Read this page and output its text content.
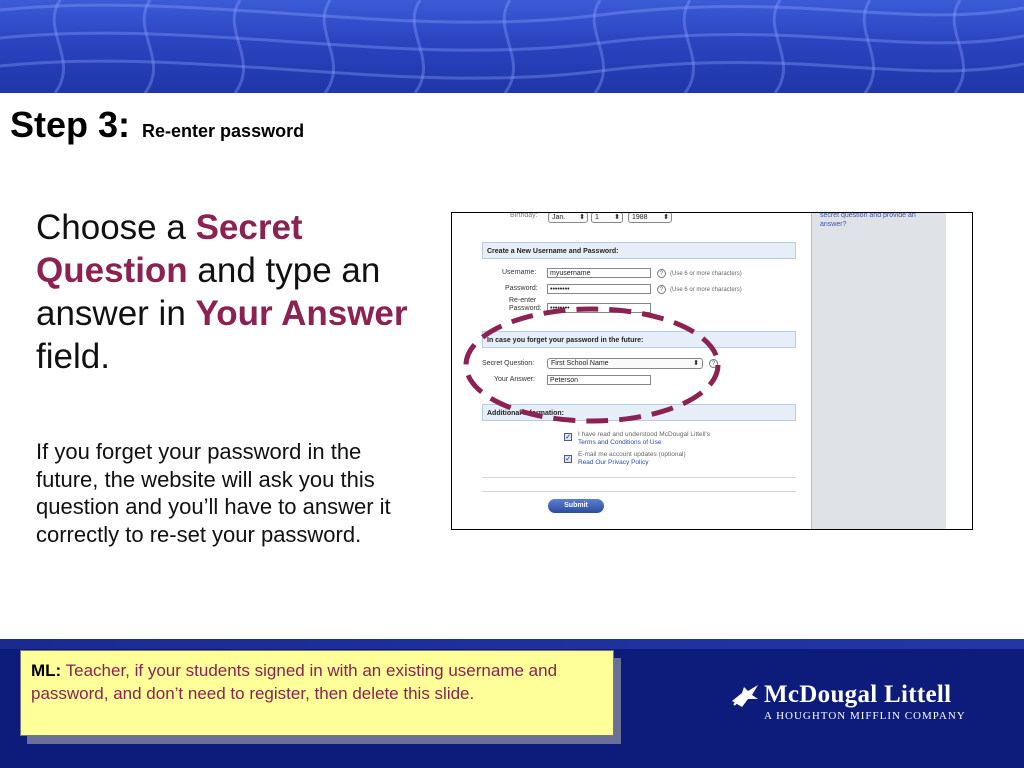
Step 3: Re-enter password
Choose a Secret Question and type an answer in Your Answer field.
If you forget your password in the future, the website will ask you this question and you’ll have to answer it correctly to re-set your password.
secret question and provide an answer?
Birthday:	Jan. ⬍	1 ⬍	1988 ⬍
Create a New Username and Password:
Username:	myusername	?	(Use 6 or more characters)
Password:	••••••••	?	(Use 6 or more characters)
Re-enter
Password:	••••••••
In case you forget your password in the future:
Secret Question:	First School Name	⬍	?
Your Answer:	Peterson
Additional Information:
✓ I have read and understood McDougal Littell's
Terms and Conditions of Use
✓
E-mail me account updates (optional)
Read Our Privacy Policy
Submit
ML: Teacher, if your students signed in with an existing username and password, and don’t need to register, then delete this slide.	McDougal Littell
A HOUGHTON MIFFLIN COMPANY
